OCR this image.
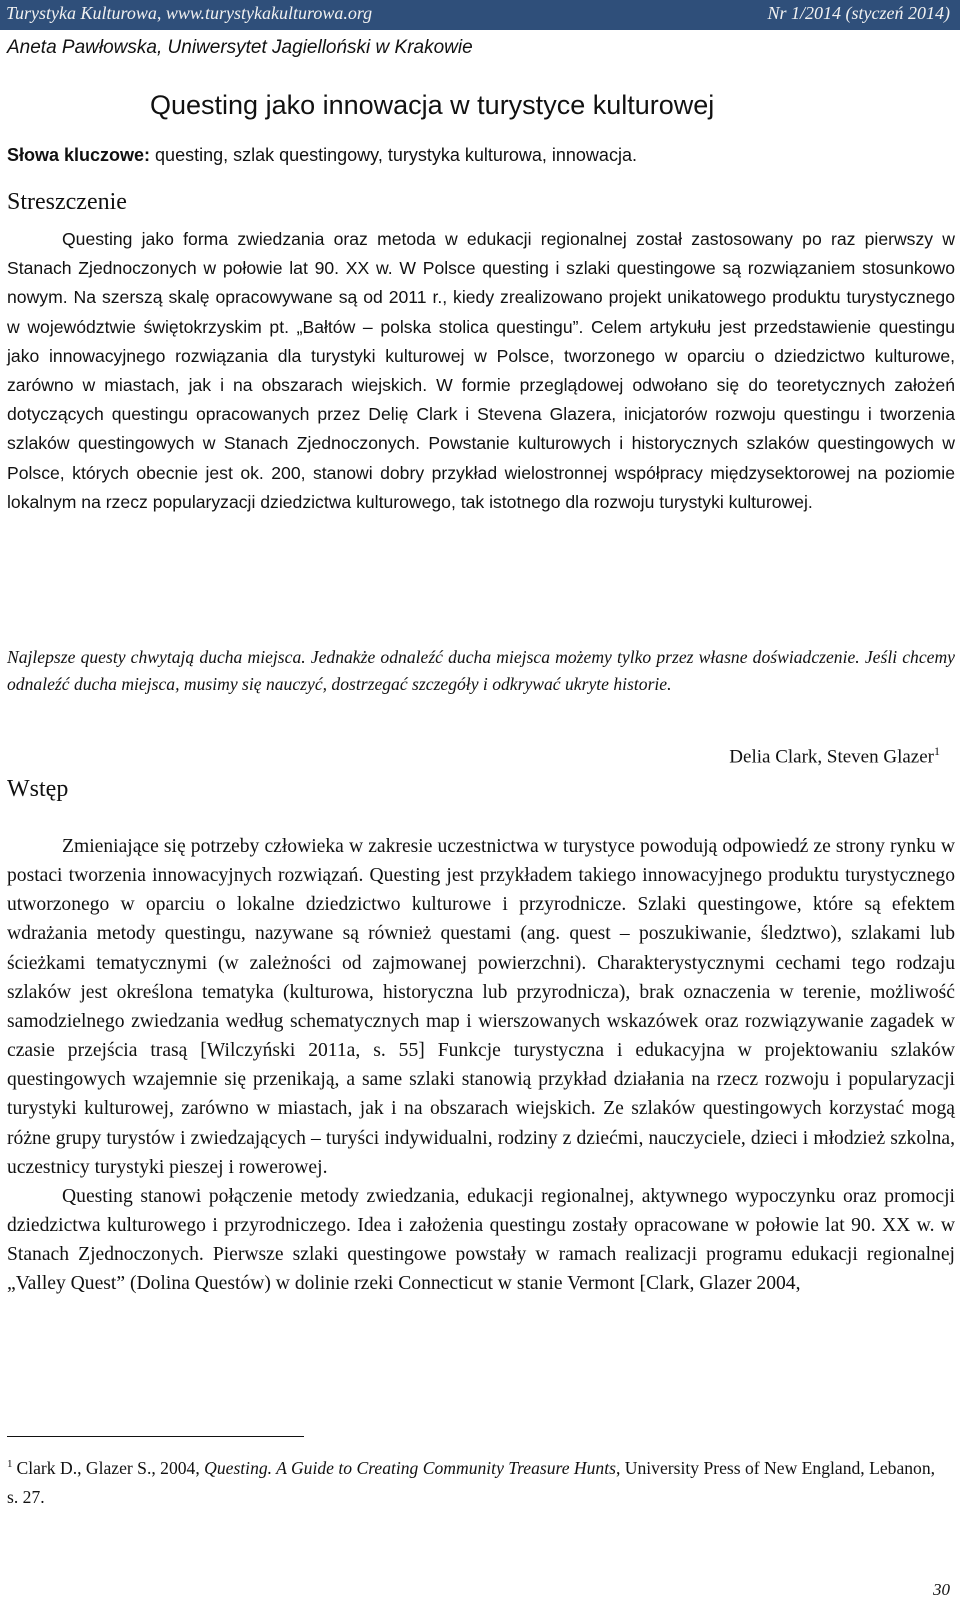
Turystyka Kulturowa, www.turystykakulturowa.org	Nr 1/2014 (styczeń 2014)
Aneta Pawłowska, Uniwersytet Jagielloński w Krakowie
Questing jako innowacja w turystyce kulturowej
Słowa kluczowe: questing, szlak questingowy, turystyka kulturowa, innowacja.
Streszczenie
Questing jako forma zwiedzania oraz metoda w edukacji regionalnej został zastosowany po raz pierwszy w Stanach Zjednoczonych w połowie lat 90. XX w. W Polsce questing i szlaki questingowe są rozwiązaniem stosunkowo nowym. Na szerszą skalę opracowywane są od 2011 r., kiedy zrealizowano projekt unikatowego produktu turystycznego w województwie świętokrzyskim pt. „Bałtów – polska stolica questingu”. Celem artykułu jest przedstawienie questingu jako innowacyjnego rozwiązania dla turystyki kulturowej w Polsce, tworzonego w oparciu o dziedzictwo kulturowe, zarówno w miastach, jak i na obszarach wiejskich. W formie przeglądowej odwołano się do teoretycznych założeń dotyczących questingu opracowanych przez Delię Clark i Stevena Glazera, inicjatorów rozwoju questingu i tworzenia szlaków questingowych w Stanach Zjednoczonych. Powstanie kulturowych i historycznych szlaków questingowych w Polsce, których obecnie jest ok. 200, stanowi dobry przykład wielostronnej współpracy międzysektorowej na poziomie lokalnym na rzecz popularyzacji dziedzictwa kulturowego, tak istotnego dla rozwoju turystyki kulturowej.
Najlepsze questy chwytają ducha miejsca. Jednakże odnaleźć ducha miejsca możemy tylko przez własne doświadczenie. Jeśli chcemy odnaleźć ducha miejsca, musimy się nauczyć, dostrzegać szczegóły i odkrywać ukryte historie.
Delia Clark, Steven Glazer$^1$
Wstęp

Zmieniające się potrzeby człowieka w zakresie uczestnictwa w turystyce powodują odpowiedź ze strony rynku w postaci tworzenia innowacyjnych rozwiązań. Questing jest przykładem takiego innowacyjnego produktu turystycznego utworzonego w oparciu o lokalne dziedzictwo kulturowe i przyrodnicze. Szlaki questingowe, które są efektem wdrażania metody questingu, nazywane są również questami (ang. quest – poszukiwanie, śledztwo), szlakami lub ścieżkami tematycznymi (w zależności od zajmowanej powierzchni). Charakterystycznymi cechami tego rodzaju szlaków jest określona tematyka (kulturowa, historyczna lub przyrodnicza), brak oznaczenia w terenie, możliwość samodzielnego zwiedzania według schematycznych map i wierszowanych wskazówek oraz rozwiązywanie zagadek w czasie przejścia trasą [Wilczyński 2011a, s. 55] Funkcje turystyczna i edukacyjna w projektowaniu szlaków questingowych wzajemnie się przenikają, a same szlaki stanowią przykład działania na rzecz rozwoju i popularyzacji turystyki kulturowej, zarówno w miastach, jak i na obszarach wiejskich. Ze szlaków questingowych korzystać mogą różne grupy turystów i zwiedzających – turyści indywidualni, rodziny z dziećmi, nauczyciele, dzieci i młodzież szkolna, uczestnicy turystyki pieszej i rowerowej.

Questing stanowi połączenie metody zwiedzania, edukacji regionalnej, aktywnego wypoczynku oraz promocji dziedzictwa kulturowego i przyrodniczego. Idea i założenia questingu zostały opracowane w połowie lat 90. XX w. w Stanach Zjednoczonych. Pierwsze szlaki questingowe powstały w ramach realizacji programu edukacji regionalnej „Valley Quest” (Dolina Questów) w dolinie rzeki Connecticut w stanie Vermont [Clark, Glazer 2004,

$^1$ Clark D., Glazer S., 2004, Questing. A Guide to Creating Community Treasure Hunts, University Press of New England, Lebanon, s. 27.
30
